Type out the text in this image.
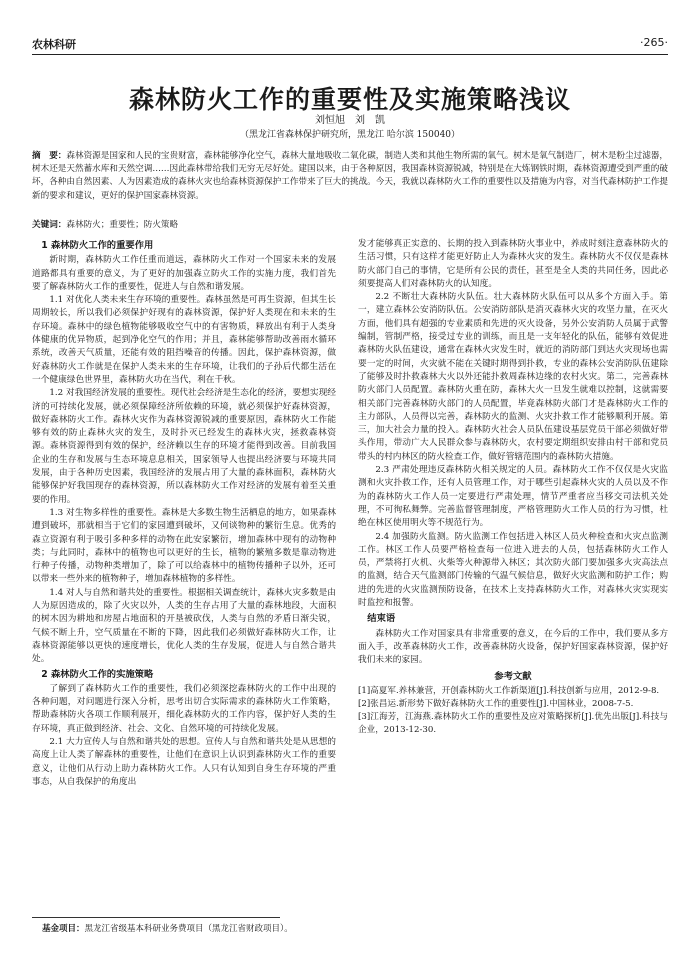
农林科研	·265·
森林防火工作的重要性及实施策略浅议
刘恒旭　刘　凯
（黑龙江省森林保护研究所，黑龙江 哈尔滨 150040）
摘　要：森林资源是国家和人民的宝贵财富，森林能够净化空气，森林大量地吸收二氧化碳，制造人类和其他生物所需的氧气。树木是氧气制造厂，树木是粉尘过滤器，树木还是天然蓄水库和天然空调……因此森林带给我们无穷无尽好处。建国以来，由于各种原因，我国森林资源锐减，特别是在大炼钢铁时期，森林资源遭受到严重的破坏，各种由自然因素、人为因素造成的森林火灾也给森林资源保护工作带来了巨大的挑战。今天，我就以森林防火工作的重要性以及措施为内容，对当代森林防护工作提新的要求和建议，更好的保护国家森林资源。
关键词：森林防火；重要性；防火策略
1 森林防火工作的重要作用

新时期，森林防火工作任重而道远，森林防火工作对一个国家未来的发展道路都具有重要的意义，为了更好的加强森立防火工作的实施力度，我们首先要了解森林防火工作的重要性，促进人与自然和谐发展。

1.1 对优化人类未来生存环境的重要性。森林虽然是可再生资源，但其生长周期较长，所以我们必须保护好现有的森林资源，保护好人类现在和未来的生存环境。森林中的绿色植物能够吸收空气中的有害物质，释放出有利于人类身体健康的优异物质，起到净化空气的作用；并且，森林能够帮助改善雨水循环系统，改善天气质量，还能有效的阻挡噪音的传播。因此，保护森林资源，做好森林防火工作就是在保护人类未来的生存环境，让我们的子孙后代都生活在一个健康绿色世界里，森林防火功在当代，利在千秋。

1.2 对我国经济发展的重要性。现代社会经济是生态化的经济，要想实现经济的可持续化发展，就必须保障经济所依赖的环境，就必须保护好森林资源，做好森林防火工作。森林火灾作为森林资源锐减的重要原因，森林防火工作能够有效的防止森林火灾的发生，及时扑灭已经发生的森林火灾，拯救森林资源。森林资源得到有效的保护，经济赖以生存的环境才能得到改善。目前我国企业的生存和发展与生态环境息息相关，国家领导人也提出经济要与环境共同发展，由于各种历史因素，我国经济的发展占用了大量的森林面积，森林防火能够保护好我国现存的森林资源，所以森林防火工作对经济的发展有着至关重要的作用。

1.3 对生物多样性的重要性。森林是大多数生物生活栖息的地方，如果森林遭到破坏，那就相当于它们的家园遭到破坏，又何谈物种的繁衍生息。优秀的森立资源有利于吸引多种多样的动物在此安家繁衍，增加森林中现有的动物种类；与此同时，森林中的植物也可以更好的生长，植物的繁殖多数是靠动物进行种子传播，动物种类增加了，除了可以给森林中的植物传播种子以外，还可以带来一些外来的植物种子，增加森林植物的多样性。

1.4 对人与自然和谐共处的重要性。根据相关调查统计，森林火灾多数是由人为原因造成的，除了火灾以外，人类的生存占用了大量的森林地段，大面积的树木因为耕地和房屋占地面积的开垦被砍伐，人类与自然的矛盾日渐尖锐，气候不断上升，空气质量在不断的下降，因此我们必须做好森林防火工作，让森林资源能够以更快的速度增长，优化人类的生存发展，促进人与自然合谐共处。

2 森林防火工作的实施策略

了解到了森林防火工作的重要性，我们必须深挖森林防火的工作中出现的各种问题，对问题进行深入分析，思考出切合实际需求的森林防火工作策略，帮助森林防火各项工作顺利展开，细化森林防火的工作内容，保护好人类的生存环境，真正做到经济、社会、文化、自然环境的可持续化发展。

2.1 大力宣传人与自然和谐共处的思想。宣传人与自然和谐共处是从思想的高度上让人类了解森林的重要性，让他们在意识上认识到森林防火工作的重要意义，让他们从行动上助力森林防火工作。人只有认知到自身生存环境的严重事态，从自我保护的角度出

发才能够真正实意的、长期的投入到森林防火事业中，养成时刻注意森林防火的生活习惯，只有这样才能更好防止人为森林火灾的发生。森林防火不仅仅是森林防火部门自己的事情，它是所有公民的责任，甚至是全人类的共同任务，因此必须要提高人们对森林防火的认知度。

2.2 不断壮大森林防火队伍。壮大森林防火队伍可以从多个方面入手。第一，建立森林公安消防队伍。公安消防部队是消灭森林火灾的攻坚力量，在灭火方面，他们具有超强的专业素质和先进的灭火设备，另外公安消防人员属于武警编制，管制严格，接受过专业的训练，而且是一支年轻化的队伍，能够有效促进森林防火队伍建设，通常在森林火灾发生时，就近的消防部门到达火灾现场也需要一定的时间，火灾就不能在关键时期得到扑救，专业的森林公安消防队伍建除了能够及时扑救森林大火以外还能扑救周森林边缘的农村火灾。第二，完善森林防火部门人员配置。森林防火重在防，森林大火一旦发生就难以控制，这就需要相关部门完善森林防火部门的人员配置，毕竟森林防火部门才是森林防火工作的主力部队，人员得以完善，森林防火的监测、火灾扑救工作才能够顺利开展。第三，加大社会力量的投入。森林防火社会人员队伍建设基层党员干部必须做好带头作用，带动广大人民群众参与森林防火，农村要定期组织安排由村干部和党员带头的村内林区的防火检查工作，做好管辖范围内的森林防火措施。

2.3 严肃处理违反森林防火相关规定的人员。森林防火工作不仅仅是火灾监测和火灾扑救工作，还有人员管理工作，对于哪些引起森林火灾的人员以及不作为的森林防火工作人员一定要进行严肃处理，情节严重者应当移交司法机关处理，不可徇私舞弊。完善监督管理制度，严格管理防火工作人员的行为习惯，杜绝在林区使用明火等不规范行为。

2.4 加强防火监测。防火监测工作包括进入林区人员火种检查和火灾点监测工作。林区工作人员要严格检查每一位进入进去的人员，包括森林防火工作人员，严禁将打火机、火柴等火种源带入林区；其次防火部门要加强多火灾高法点的监测，结合天气监测部门传输的气温气候信息，做好火灾监测和防护工作；购进的先进的火灾监测预防设备，在技术上支持森林防火工作，对森林火灾实现实时监控和报警。

结束语

森林防火工作对国家具有非常重要的意义，在今后的工作中，我们要从多方面入手，改革森林防火工作，改善森林防火设备，保护好国家森林资源，保护好我们未来的家园。

参考文献

[1]高夏军.养林兼营，开创森林防火工作新渠道[J].科技创新与应用，2012-9-8.

[2]张昌运.新形势下做好森林防火工作的重要性[J].中国林业，2008-7-5.

[3]江海芳，江海燕.森林防火工作的重要性及应对策略探析[J].优先出版[J].科技与企业，2013-12-30.

基金项目：黑龙江省级基本科研业务费项目（黑龙江省财政项目）。
